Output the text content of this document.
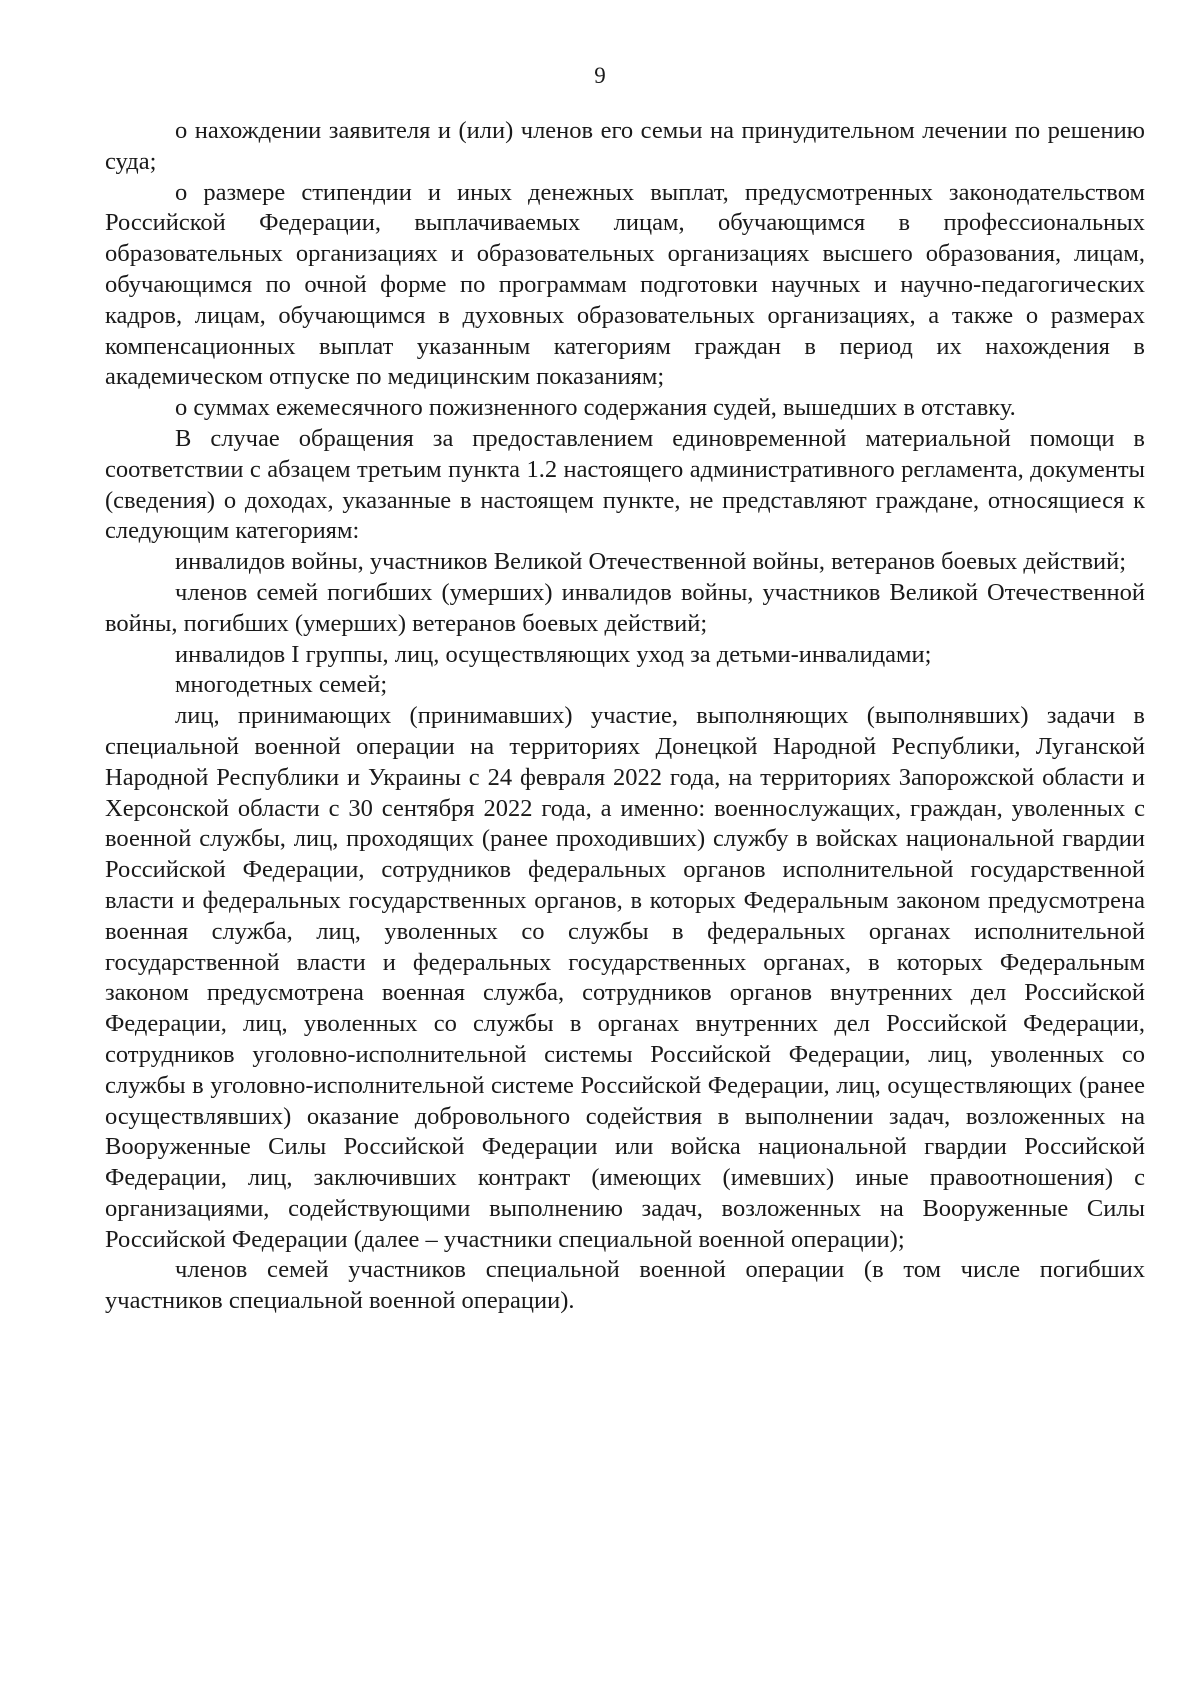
9

о нахождении заявителя и (или) членов его семьи на принудительном лечении по решению суда;

о размере стипендии и иных денежных выплат, предусмотренных законодательством Российской Федерации, выплачиваемых лицам, обучающимся в профессиональных образовательных организациях и образовательных организациях высшего образования, лицам, обучающимся по очной форме по программам подготовки научных и научно-педагогических кадров, лицам, обучающимся в духовных образовательных организациях, а также о размерах компенсационных выплат указанным категориям граждан в период их нахождения в академическом отпуске по медицинским показаниям;

о суммах ежемесячного пожизненного содержания судей, вышедших в отставку.

В случае обращения за предоставлением единовременной материальной помощи в соответствии с абзацем третьим пункта 1.2 настоящего административного регламента, документы (сведения) о доходах, указанные в настоящем пункте, не представляют граждане, относящиеся к следующим категориям:

инвалидов войны, участников Великой Отечественной войны, ветеранов боевых действий;

членов семей погибших (умерших) инвалидов войны, участников Великой Отечественной войны, погибших (умерших) ветеранов боевых действий;

инвалидов I группы, лиц, осуществляющих уход за детьми-инвалидами;

многодетных семей;

лиц, принимающих (принимавших) участие, выполняющих (выполнявших) задачи в специальной военной операции на территориях Донецкой Народной Республики, Луганской Народной Республики и Украины с 24 февраля 2022 года, на территориях Запорожской области и Херсонской области с 30 сентября 2022 года, а именно: военнослужащих, граждан, уволенных с военной службы, лиц, проходящих (ранее проходивших) службу в войсках национальной гвардии Российской Федерации, сотрудников федеральных органов исполнительной государственной власти и федеральных государственных органов, в которых Федеральным законом предусмотрена военная служба, лиц, уволенных со службы в федеральных органах исполнительной государственной власти и федеральных государственных органах, в которых Федеральным законом предусмотрена военная служба, сотрудников органов внутренних дел Российской Федерации, лиц, уволенных со службы в органах внутренних дел Российской Федерации, сотрудников уголовно-исполнительной системы Российской Федерации, лиц, уволенных со службы в уголовно-исполнительной системе Российской Федерации, лиц, осуществляющих (ранее осуществлявших) оказание добровольного содействия в выполнении задач, возложенных на Вооруженные Силы Российской Федерации или войска национальной гвардии Российской Федерации, лиц, заключивших контракт (имеющих (имевших) иные правоотношения) с организациями, содействующими выполнению задач, возложенных на Вооруженные Силы Российской Федерации (далее – участники специальной военной операции);

членов семей участников специальной военной операции (в том числе погибших участников специальной военной операции).
